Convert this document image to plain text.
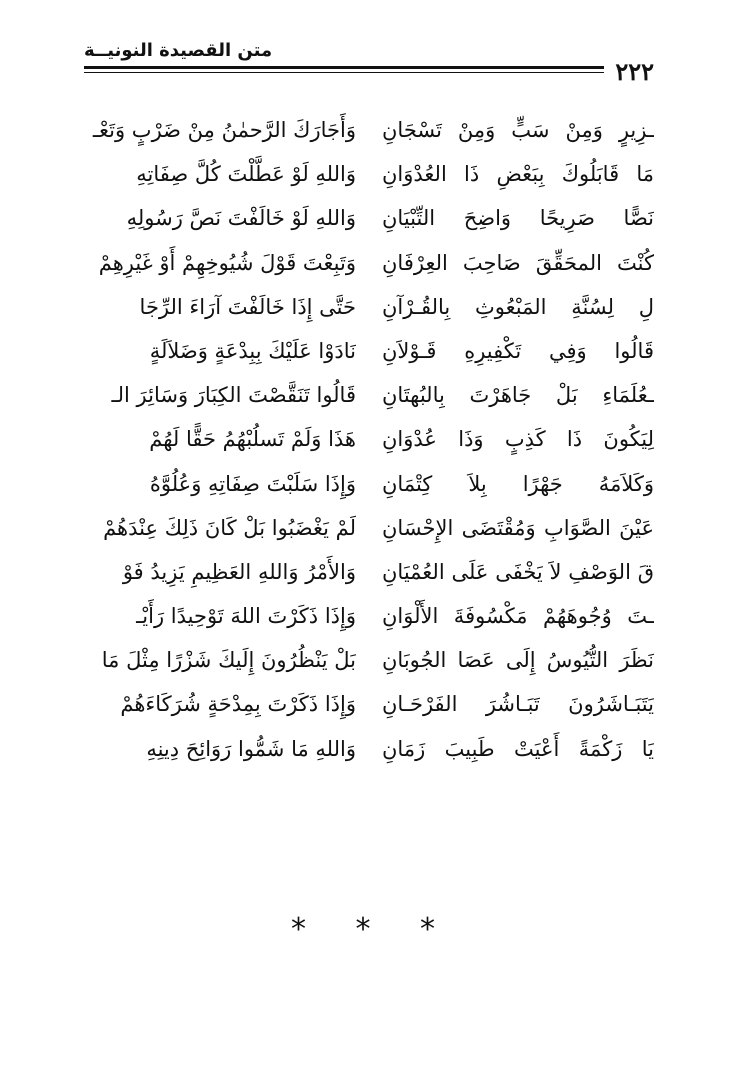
٢٢٢
متن القصيدة النونيــة
وَأَجَارَكَ الرَّحمٰنُ مِنْ ضَرْبٍ وَتَعْـ ـزِيرٍ وَمِنْ سَبٍّ وَمِنْ تَسْجَانِ
وَاللهِ لَوْ عَطَّلْتَ كُلَّ صِفَاتِهِ مَا قَابَلُوكَ بِبَعْضِ ذَا العُدْوَانِ
وَاللهِ لَوْ خَالَفْتَ نَصَّ رَسُولِهِ نَصًّا صَرِيحًا وَاضِحَ التِّبْيَانِ
وَتَبِعْتَ قَوْلَ شُيُوخِهِمْ أَوْ غَيْرِهِمْ كُنْتَ المحَقِّقَ صَاحِبَ العِرْفَانِ
حَتَّى إِذَا خَالَفْتَ آرَاءَ الرِّجَا لِ لِسُنَّةِ المَبْعُوثِ بِالقُـرْآنِ
نَادَوْا عَلَيْكَ بِبِدْعَةٍ وَضَلاَلَةٍ قَالُوا وَفِي تَكْفِيرِهِ قَـوْلاَنِ
قَالُوا تَنَقَّصْتَ الكِبَارَ وَسَائِرَ الـ ـعُلَمَاءِ بَلْ جَاهَرْتَ بِالبُهتَانِ
هَذَا وَلَمْ تَسلُبْهُمُ حَقًّا لَهُمْ لِيَكُونَ ذَا كَذِبٍ وَذَا عُدْوَانِ
وَإِذَا سَلَبْتَ صِفَاتِهِ وَعُلُوَّهُ وَكَلاَمَهُ جَهْرًا بِلاَ كِتْمَانِ
لَمْ يَغْضَبُوا بَلْ كَانَ ذَلِكَ عِنْدَهُمْ عَيْنَ الصَّوَابِ وَمُقْتَضَى الإِحْسَانِ
وَالأَمْرُ وَاللهِ العَظِيمِ يَزِيدُ فَوْ قَ الوَصْفِ لاَ يَخْفَى عَلَى العُمْيَانِ
وَإِذَا ذَكَرْتَ اللهَ تَوْحِيدًا رَأَيْـ ـتَ وُجُوهَهُمْ مَكْسُوفَةَ الأَلْوَانِ
بَلْ يَنْظُرُونَ إِلَيكَ شَزْرًا مِثْلَ مَا نَظَرَ التُّيُوسُ إِلَى عَصَا الجُوبَانِ
وَإِذَا ذَكَرْتَ بِمِدْحَةٍ شُرَكَاءَهُمْ يَتَبَـاشَرُونَ تَبَـاشُرَ الفَرْحَـانِ
وَاللهِ مَا شَمُّوا رَوَائِحَ دِينِهِ يَا زَكْمَةً أَعْيَتْ طَبِيبَ زَمَانِ
* * *
